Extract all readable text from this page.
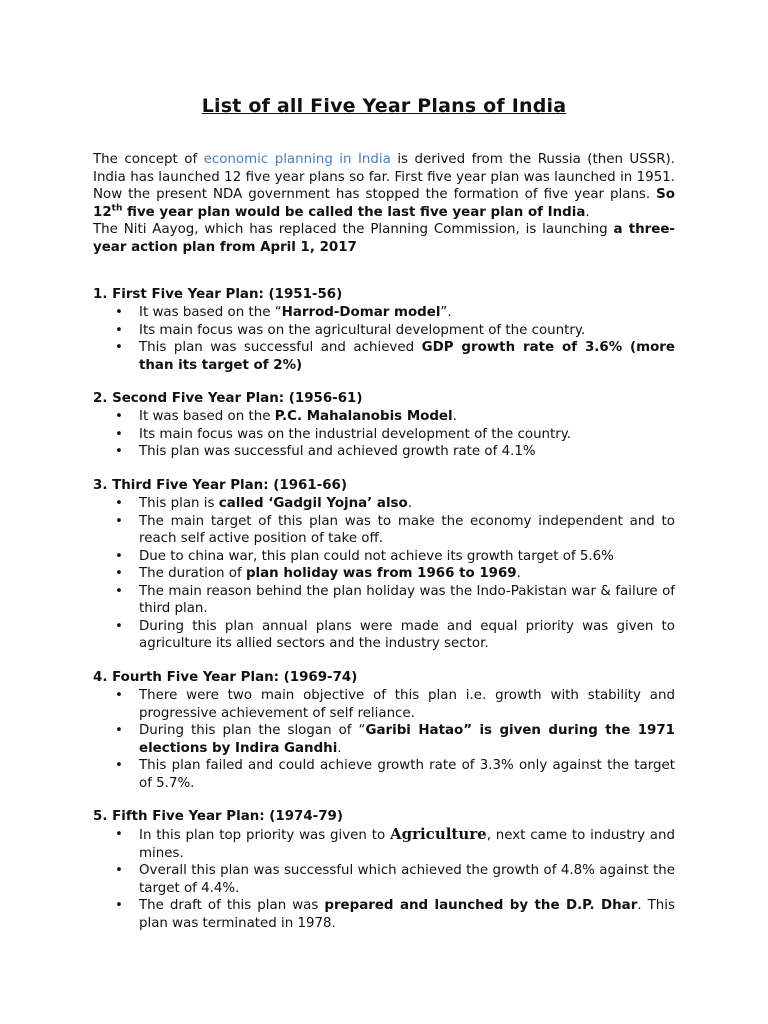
List of all Five Year Plans of India

The concept of economic planning in India is derived from the Russia (then USSR). India has launched 12 five year plans so far. First five year plan was launched in 1951. Now the present NDA government has stopped the formation of five year plans. So 12th five year plan would be called the last five year plan of India.

The Niti Aayog, which has replaced the Planning Commission, is launching a three-year action plan from April 1, 2017

1. First Five Year Plan: (1951-56)

• It was based on the “Harrod-Domar model”.
• Its main focus was on the agricultural development of the country.
• This plan was successful and achieved GDP growth rate of 3.6% (more than its target of 2%)

2. Second Five Year Plan: (1956-61)

• It was based on the P.C. Mahalanobis Model.
• Its main focus was on the industrial development of the country.
• This plan was successful and achieved growth rate of 4.1%

3. Third Five Year Plan: (1961-66)

• This plan is called ‘Gadgil Yojna’ also.
• The main target of this plan was to make the economy independent and to reach self active position of take off.
• Due to china war, this plan could not achieve its growth target of 5.6%
• The duration of plan holiday was from 1966 to 1969.
• The main reason behind the plan holiday was the Indo-Pakistan war & failure of third plan.
• During this plan annual plans were made and equal priority was given to agriculture its allied sectors and the industry sector.

4. Fourth Five Year Plan: (1969-74)

• There were two main objective of this plan i.e. growth with stability and progressive achievement of self reliance.
• During this plan the slogan of “Garibi Hatao” is given during the 1971 elections by Indira Gandhi.
• This plan failed and could achieve growth rate of 3.3% only against the target of 5.7%.

5. Fifth Five Year Plan: (1974-79)

• In this plan top priority was given to Agriculture, next came to industry and mines.
• Overall this plan was successful which achieved the growth of 4.8% against the target of 4.4%.
• The draft of this plan was prepared and launched by the D.P. Dhar. This plan was terminated in 1978.
